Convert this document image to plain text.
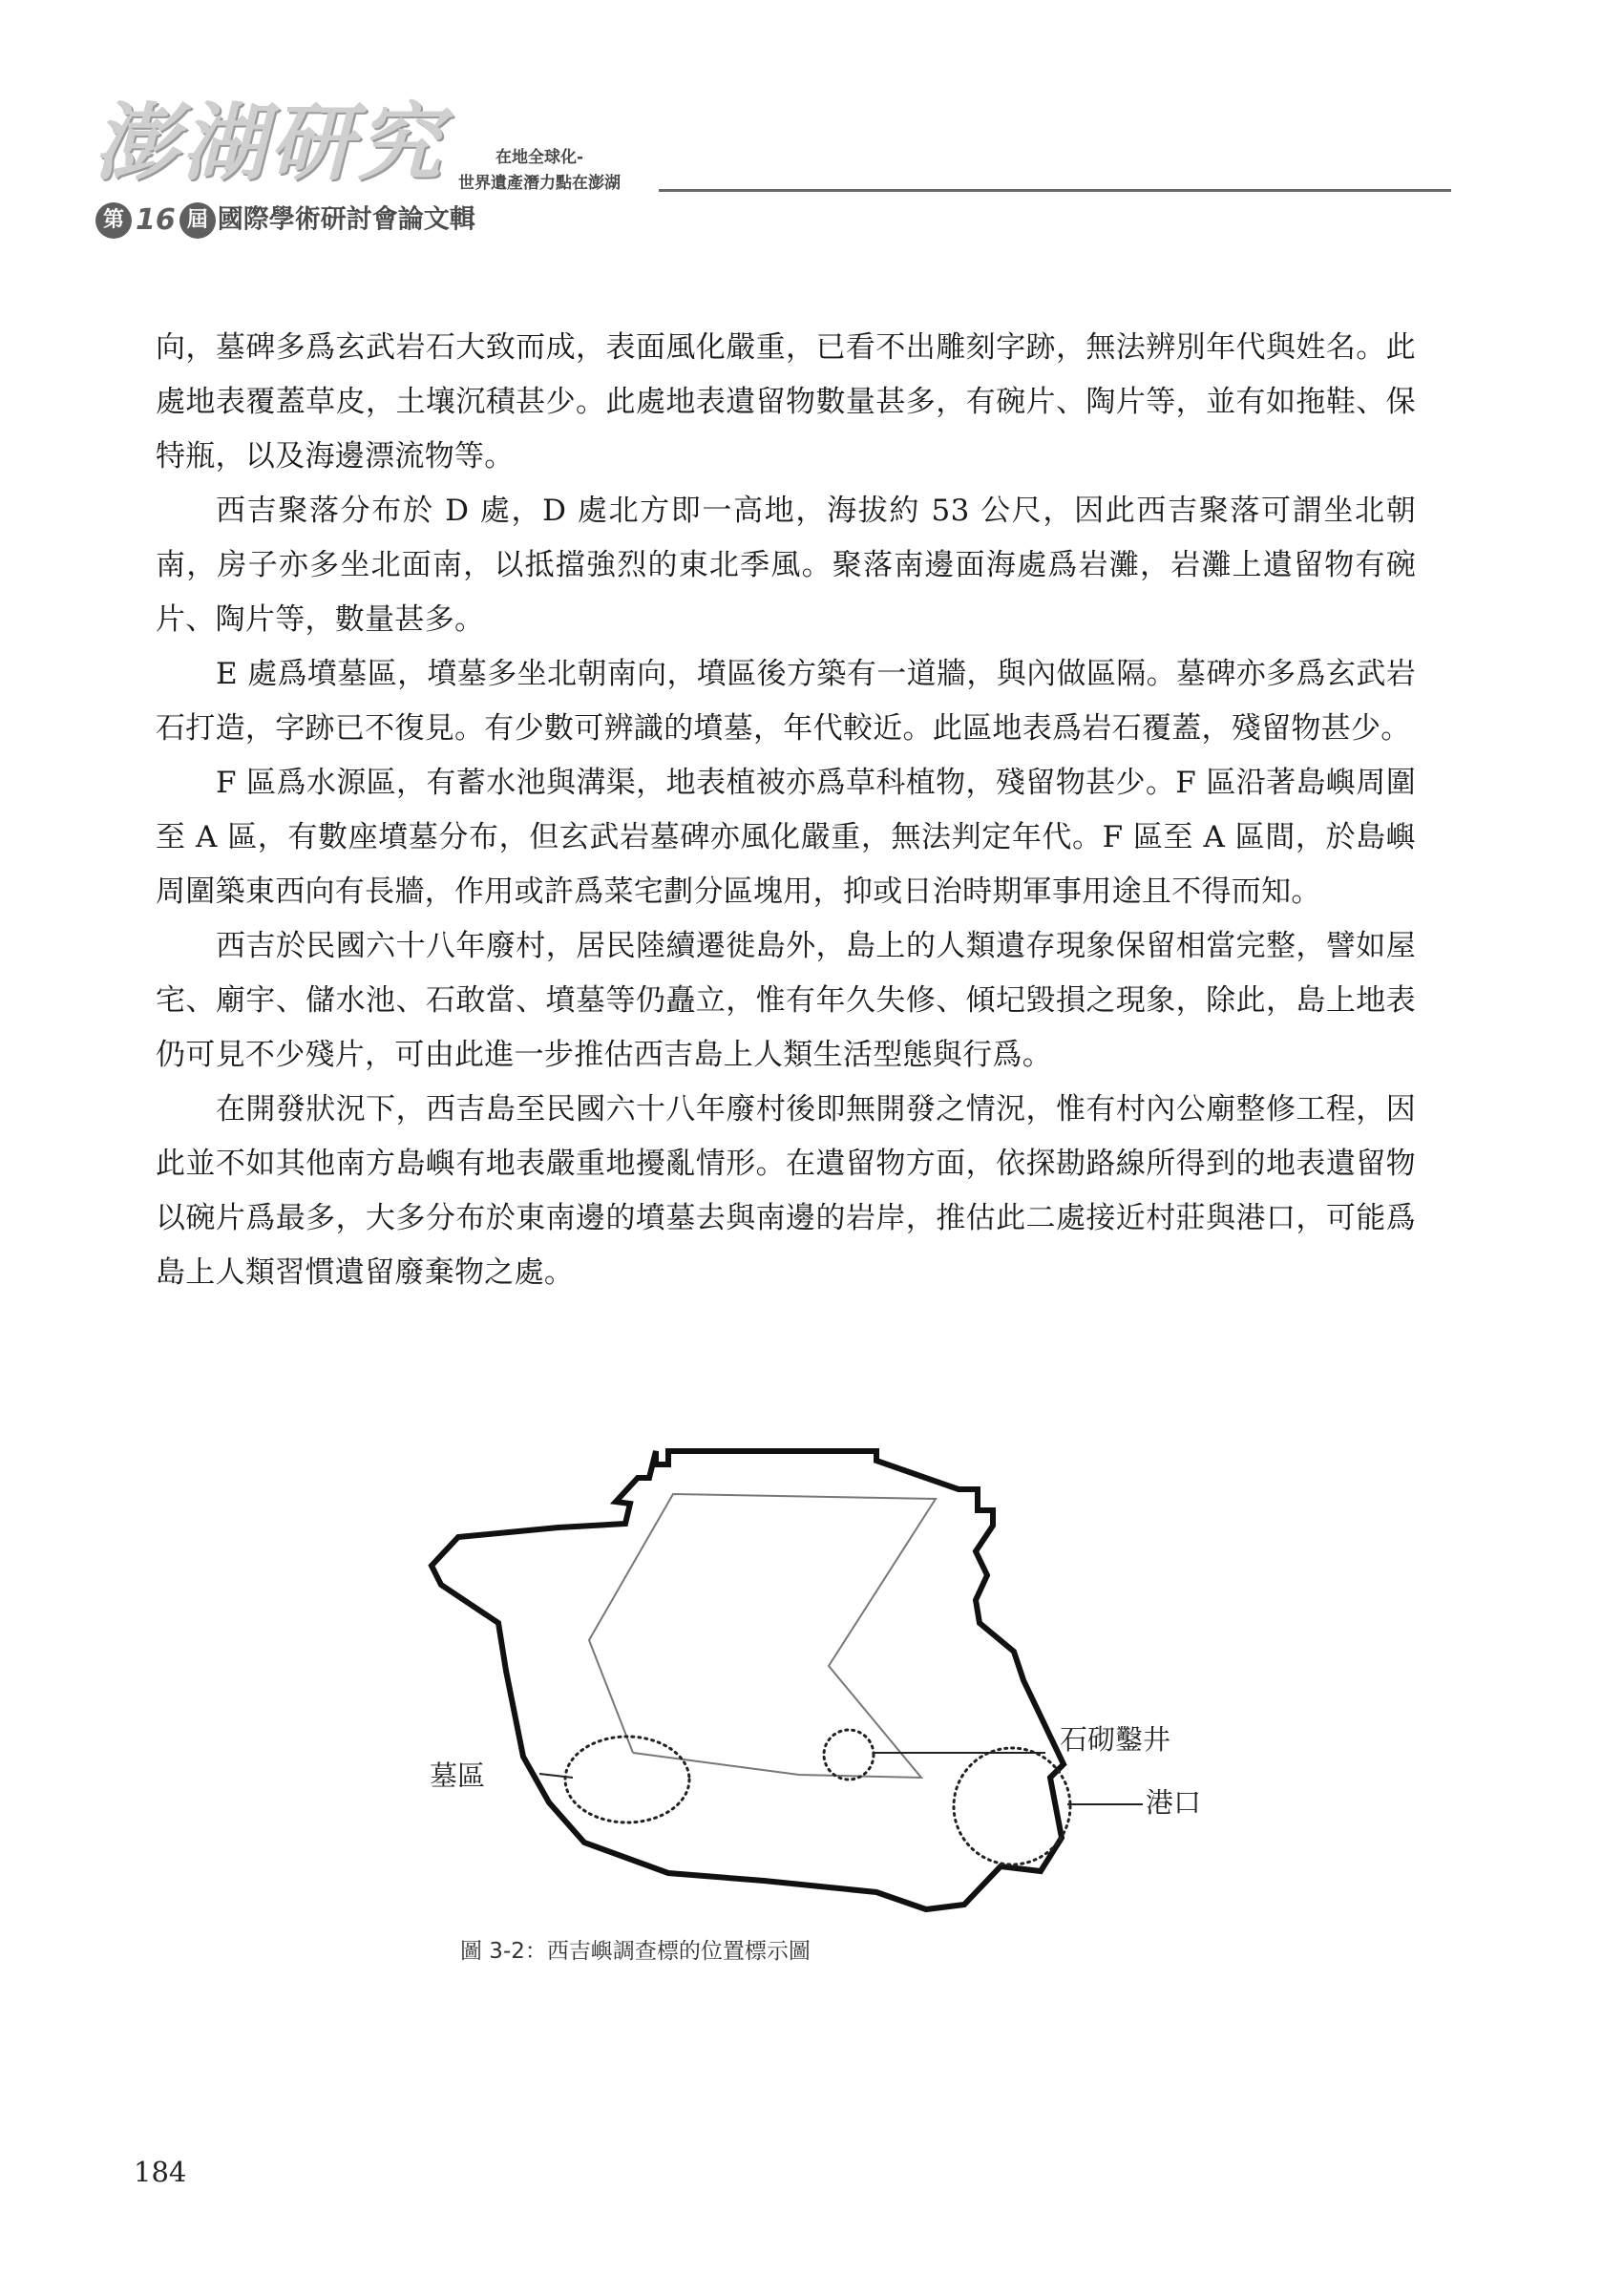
澎湖研究
第 16 屆 國際學術研討會論文輯
在地全球化-
世界遺產潛力點在澎湖

向，墓碑多爲玄武岩石大致而成，表面風化嚴重，已看不出雕刻字跡，無法辨別年代與姓名。此處地表覆蓋草皮，土壤沉積甚少。此處地表遺留物數量甚多，有碗片、陶片等，並有如拖鞋、保特瓶，以及海邊漂流物等。

西吉聚落分布於 D 處，D 處北方即一高地，海拔約 53 公尺，因此西吉聚落可謂坐北朝南，房子亦多坐北面南，以抵擋強烈的東北季風。聚落南邊面海處爲岩灘，岩灘上遺留物有碗片、陶片等，數量甚多。

E 處爲墳墓區，墳墓多坐北朝南向，墳區後方築有一道牆，與內做區隔。墓碑亦多爲玄武岩石打造，字跡已不復見。有少數可辨識的墳墓，年代較近。此區地表爲岩石覆蓋，殘留物甚少。

F 區爲水源區，有蓄水池與溝渠，地表植被亦爲草科植物，殘留物甚少。F 區沿著島嶼周圍至 A 區，有數座墳墓分布，但玄武岩墓碑亦風化嚴重，無法判定年代。F 區至 A 區間，於島嶼周圍築東西向有長牆，作用或許爲菜宅劃分區塊用，抑或日治時期軍事用途且不得而知。

西吉於民國六十八年廢村，居民陸續遷徙島外，島上的人類遺存現象保留相當完整，譬如屋宅、廟宇、儲水池、石敢當、墳墓等仍矗立，惟有年久失修、傾圮毀損之現象，除此，島上地表仍可見不少殘片，可由此進一步推估西吉島上人類生活型態與行爲。

在開發狀況下，西吉島至民國六十八年廢村後即無開發之情況，惟有村內公廟整修工程，因此並不如其他南方島嶼有地表嚴重地擾亂情形。在遺留物方面，依探勘路線所得到的地表遺留物以碗片爲最多，大多分布於東南邊的墳墓去與南邊的岩岸，推估此二處接近村莊與港口，可能爲島上人類習慣遺留廢棄物之處。

墓區
石砌鑿井
港口
圖 3-2：西吉嶼調查標的位置標示圖
184
